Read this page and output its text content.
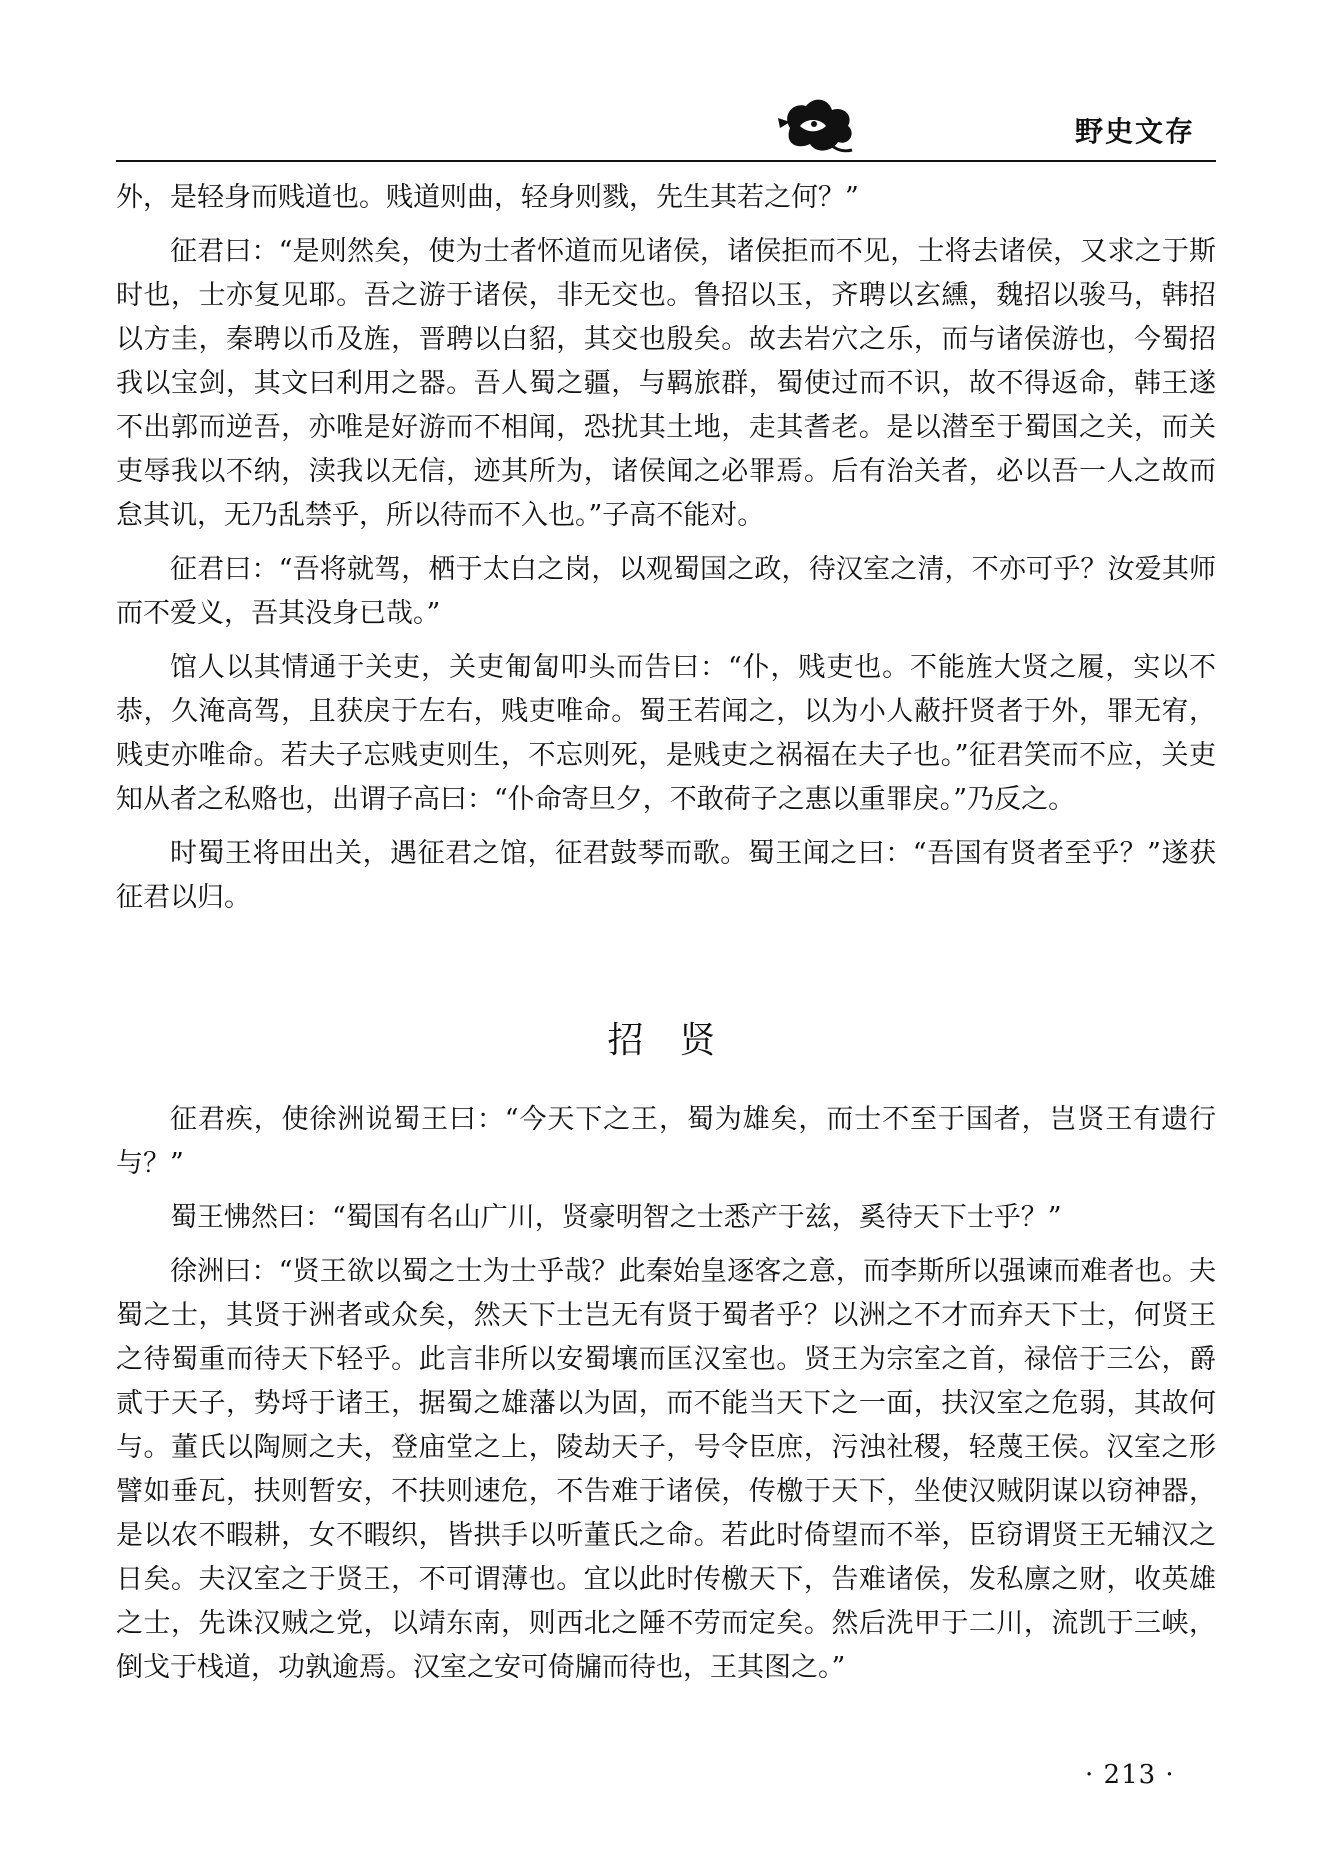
野史文存

外，是轻身而贱道也。贱道则曲，轻身则戮，先生其若之何？”

征君曰：“是则然矣，使为士者怀道而见诸侯，诸侯拒而不见，士将去诸侯，又求之于斯时也，士亦复见耶。吾之游于诸侯，非无交也。鲁招以玉，齐聘以玄纁，魏招以骏马，韩招以方圭，秦聘以币及旌，晋聘以白貂，其交也殷矣。故去岩穴之乐，而与诸侯游也，今蜀招我以宝剑，其文曰利用之器。吾人蜀之疆，与羁旅群，蜀使过而不识，故不得返命，韩王遂不出郭而逆吾，亦唯是好游而不相闻，恐扰其土地，走其耆老。是以潜至于蜀国之关，而关吏辱我以不纳，渎我以无信，迹其所为，诸侯闻之必罪焉。后有治关者，必以吾一人之故而怠其讥，无乃乱禁乎，所以待而不入也。”子高不能对。

征君曰：“吾将就驾，栖于太白之岗，以观蜀国之政，待汉室之清，不亦可乎？汝爱其师而不爱义，吾其没身已哉。”

馆人以其情通于关吏，关吏匍匐叩头而告曰：“仆，贱吏也。不能旌大贤之履，实以不恭，久淹高驾，且获戾于左右，贱吏唯命。蜀王若闻之，以为小人蔽扞贤者于外，罪无宥，贱吏亦唯命。若夫子忘贱吏则生，不忘则死，是贱吏之祸福在夫子也。”征君笑而不应，关吏知从者之私赂也，出谓子高曰：“仆命寄旦夕，不敢荷子之惠以重罪戾。”乃反之。

时蜀王将田出关，遇征君之馆，征君鼓琴而歌。蜀王闻之曰：“吾国有贤者至乎？”遂获征君以归。

招贤

征君疾，使徐洲说蜀王曰：“今天下之王，蜀为雄矣，而士不至于国者，岂贤王有遗行与？”

蜀王怫然曰：“蜀国有名山广川，贤豪明智之士悉产于兹，奚待天下士乎？”

徐洲曰：“贤王欲以蜀之士为士乎哉？此秦始皇逐客之意，而李斯所以强谏而难者也。夫蜀之士，其贤于洲者或众矣，然天下士岂无有贤于蜀者乎？以洲之不才而弃天下士，何贤王之待蜀重而待天下轻乎。此言非所以安蜀壤而匡汉室也。贤王为宗室之首，禄倍于三公，爵贰于天子，势埒于诸王，据蜀之雄藩以为固，而不能当天下之一面，扶汉室之危弱，其故何与。董氏以陶厕之夫，登庙堂之上，陵劫天子，号令臣庶，污浊社稷，轻蔑王侯。汉室之形譬如垂瓦，扶则暂安，不扶则速危，不告难于诸侯，传檄于天下，坐使汉贼阴谋以窃神器，是以农不暇耕，女不暇织，皆拱手以听董氏之命。若此时倚望而不举，臣窃谓贤王无辅汉之日矣。夫汉室之于贤王，不可谓薄也。宜以此时传檄天下，告难诸侯，发私廪之财，收英雄之士，先诛汉贼之党，以靖东南，则西北之陲不劳而定矣。然后洗甲于二川，流凯于三峡，倒戈于栈道，功孰逾焉。汉室之安可倚牖而待也，王其图之。”

· 213 ·
